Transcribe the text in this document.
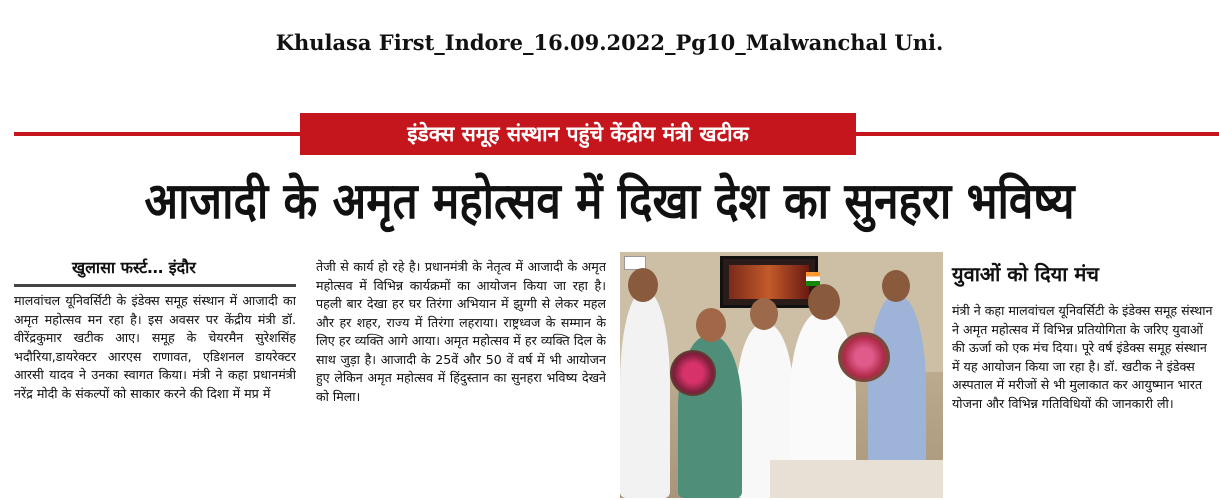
Khulasa First_Indore_16.09.2022_Pg10_Malwanchal Uni.
इंडेक्स समूह संस्थान पहुंचे केंद्रीय मंत्री खटीक
आजादी के अमृत महोत्सव में दिखा देश का सुनहरा भविष्य
खुलासा फर्स्ट… इंदौर

मालवांचल यूनिवर्सिटी के इंडेक्स समूह संस्थान में आजादी का अमृत महोत्सव मन रहा है। इस अवसर पर केंद्रीय मंत्री डॉ. वीरेंद्रकुमार खटीक आए। समूह के चेयरमैन सुरेशसिंह भदौरिया,डायरेक्टर आरएस राणावत, एडिशनल डायरेक्टर आरसी यादव ने उनका स्वागत किया। मंत्री ने कहा प्रधानमंत्री नरेंद्र मोदी के संकल्पों को साकार करने की दिशा में मप्र में

तेजी से कार्य हो रहे है। प्रधानमंत्री के नेतृत्व में आजादी के अमृत महोत्सव में विभिन्न कार्यक्रमों का आयोजन किया जा रहा है। पहली बार देखा हर घर तिरंगा अभियान में झुग्गी से लेकर महल और हर शहर, राज्य में तिरंगा लहराया। राष्ट्रध्वज के सम्मान के लिए हर व्यक्ति आगे आया। अमृत महोत्सव में हर व्यक्ति दिल के साथ जुड़ा है। आजादी के 25वें और 50 वें वर्ष में भी आयोजन हुए लेकिन अमृत महोत्सव में हिंदुस्तान का सुनहरा भविष्य देखने को मिला।

युवाओं को दिया मंच

मंत्री ने कहा मालवांचल यूनिवर्सिटी के इंडेक्स समूह संस्थान ने अमृत महोत्सव में विभिन्न प्रतियोगिता के जरिए युवाओं की ऊर्जा को एक मंच दिया। पूरे वर्ष इंडेक्स समूह संस्थान में यह आयोजन किया जा रहा है। डॉ. खटीक ने इंडेक्स अस्पताल में मरीजों से भी मुलाकात कर आयुष्मान भारत योजना और विभिन्न गतिविधियों की जानकारी ली।
